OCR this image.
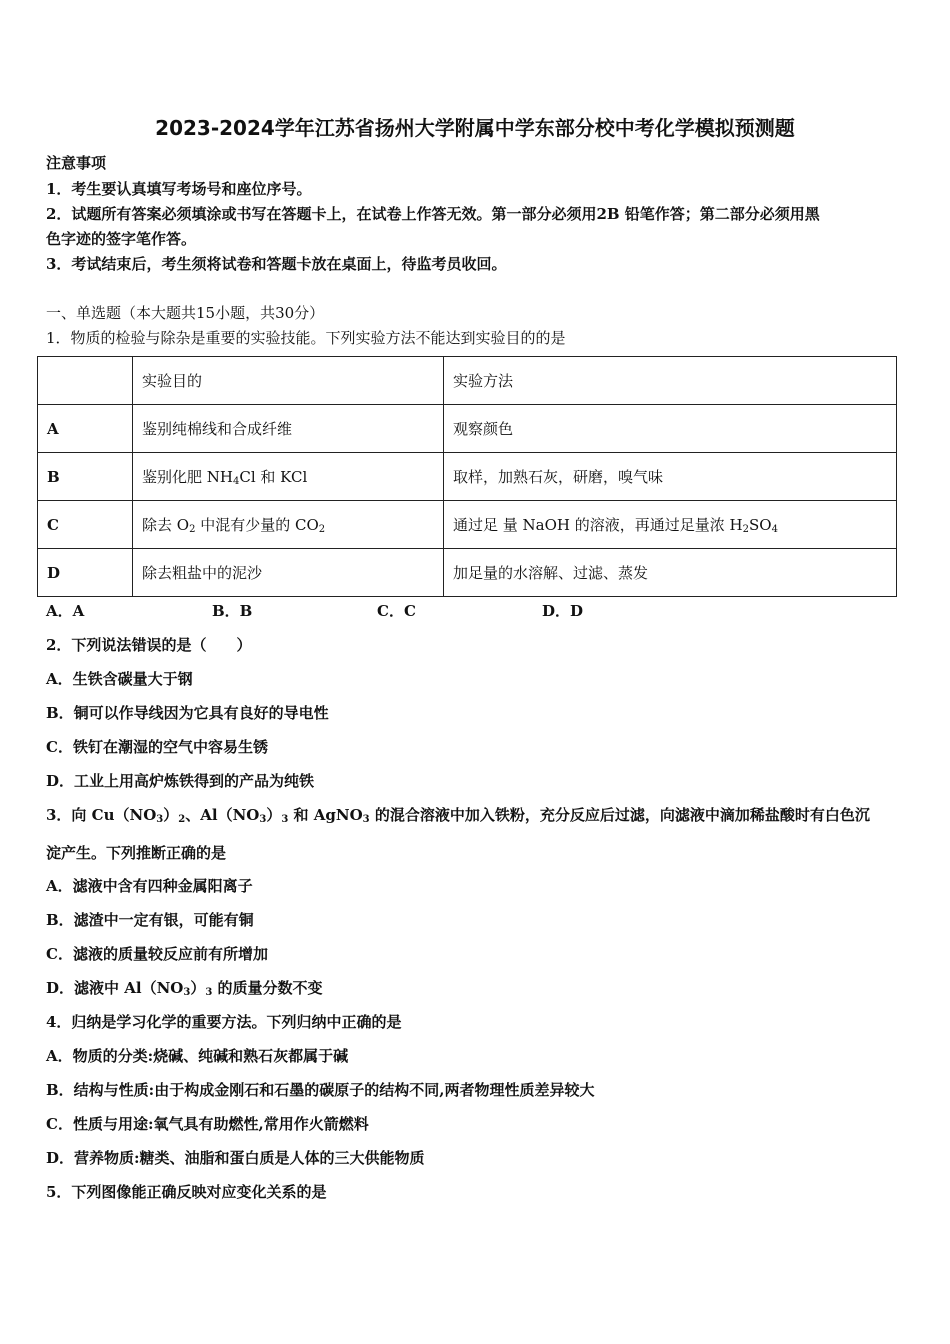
2023-2024学年江苏省扬州大学附属中学东部分校中考化学模拟预测题
注意事项
1．考生要认真填写考场号和座位序号。
2．试题所有答案必须填涂或书写在答题卡上，在试卷上作答无效。第一部分必须用2B 铅笔作答；第二部分必须用黑
色字迹的签字笔作答。
3．考试结束后，考生须将试卷和答题卡放在桌面上，待监考员收回。
一、单选题（本大题共15小题，共30分）
1．物质的检验与除杂是重要的实验技能。下列实验方法不能达到实验目的的是
	实验目的	实验方法
A	鉴别纯棉线和合成纤维	观察颜色
B	鉴别化肥 $NH_4Cl$ 和 KCl	取样，加熟石灰，研磨，嗅气味
C	除去 $O_2$ 中混有少量的 $CO_2$	通过足 量 NaOH 的溶液，再通过足量浓 $H_2SO_4$
D	除去粗盐中的泥沙	加足量的水溶解、过滤、蒸发
A．A	B．B	C．C	D．D
2．下列说法错误的是（　　）
A．生铁含碳量大于钢
B．铜可以作导线因为它具有良好的导电性
C．铁钉在潮湿的空气中容易生锈
D．工业上用高炉炼铁得到的产品为纯铁
3．向 $Cu(NO_3)_2$、$Al(NO_3)_3$ 和 AgNO$_3$ 的混合溶液中加入铁粉，充分反应后过滤，向滤液中滴加稀盐酸时有白色沉
淀产生。下列推断正确的是
A．滤液中含有四种金属阳离子
B．滤渣中一定有银，可能有铜
C．滤液的质量较反应前有所增加
D．滤液中 $Al(NO_3)_3$ 的质量分数不变
4．归纳是学习化学的重要方法。下列归纳中正确的是
A．物质的分类:烧碱、纯碱和熟石灰都属于碱
B．结构与性质:由于构成金刚石和石墨的碳原子的结构不同,两者物理性质差异较大
C．性质与用途:氧气具有助燃性,常用作火箭燃料
D．营养物质:糖类、油脂和蛋白质是人体的三大供能物质
5．下列图像能正确反映对应变化关系的是
